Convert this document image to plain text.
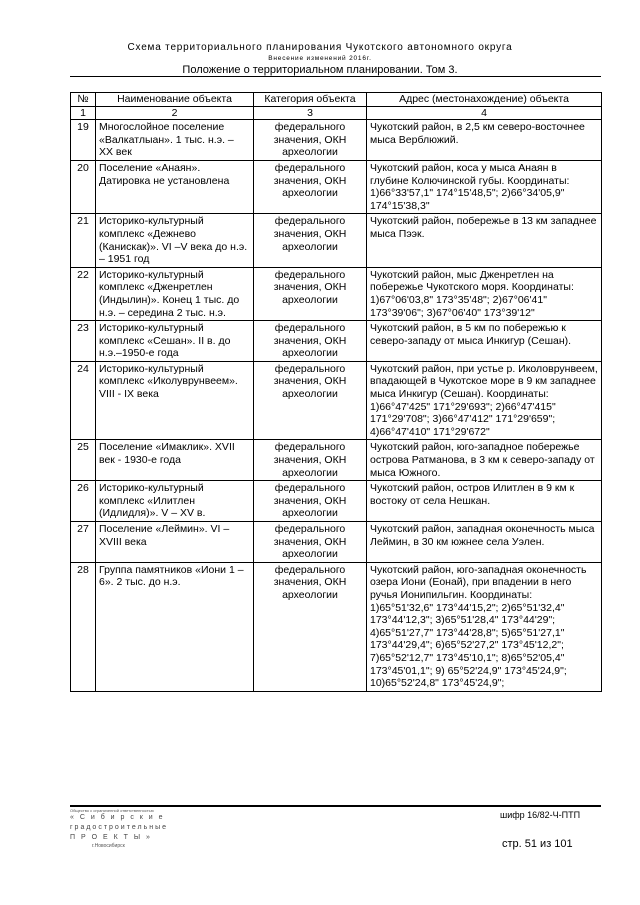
Схема территориального планирования Чукотского автономного округа
Внесение изменений 2016г.
Положение о территориальном планировании. Том 3.
№	Наименование объекта	Категория объекта	Адрес (местонахождение) объекта
1	2	3	4
19	Многослойное поселение «Валкатлыан». 1 тыс. н.э. – XX век	федерального значения, ОКН археологии	Чукотский район, в 2,5 км северо-восточнее мыса Верблюжий.
20	Поселение «Анаян». Датировка не установлена	федерального значения, ОКН археологии	Чукотский район, коса у мыса Анаян в глубине Колючинской губы. Координаты: 1)66°33'57,1" 174°15'48,5"; 2)66°34'05,9" 174°15'38,3"
21	Историко-культурный комплекс «Дежнево (Канискак)». VI –V века до н.э. – 1951 год	федерального значения, ОКН археологии	Чукотский район, побережье в 13 км западнее мыса Пээк.
22	Историко-культурный комплекс «Дженретлен (Индылин)». Конец 1 тыс. до н.э. – середина 2 тыс. н.э.	федерального значения, ОКН археологии	Чукотский район, мыс Дженретлен на побережье Чукотского моря. Координаты: 1)67°06'03,8" 173°35'48"; 2)67°06'41" 173°39'06"; 3)67°06'40" 173°39'12"
23	Историко-культурный комплекс «Сешан». II в. до н.э.–1950-е года	федерального значения, ОКН археологии	Чукотский район, в 5 км по побережью к северо-западу от мыса Инкигур (Сешан).
24	Историко-культурный комплекс «Иколуврунвеем». VIII - IX века	федерального значения, ОКН археологии	Чукотский район, при устье р. Иколоврунвеем, впадающей в Чукотское море в 9 км западнее мыса Инкигур (Сешан). Координаты: 1)66°47'425" 171°29'693"; 2)66°47'415" 171°29'708"; 3)66°47'412" 171°29'659"; 4)66°47'410" 171°29'672"
25	Поселение «Имаклик». XVII век - 1930-е года	федерального значения, ОКН археологии	Чукотский район, юго-западное побережье острова Ратманова, в 3 км к северо-западу от мыса Южного.
26	Историко-культурный комплекс «Илитлен (Идлидля)». V – XV в.	федерального значения, ОКН археологии	Чукотский район, остров Илитлен в 9 км к востоку от села Нешкан.
27	Поселение «Леймин». VI – XVIII века	федерального значения, ОКН археологии	Чукотский район, западная оконечность мыса Леймин, в 30 км южнее села Уэлен.
28	Группа памятников «Иони 1 – 6». 2 тыс. до н.э.	федерального значения, ОКН археологии	Чукотский район, юго-западная оконечность озера Иони (Еонай), при впадении в него ручья Ионипильгин. Координаты: 1)65°51'32,6" 173°44'15,2"; 2)65°51'32,4" 173°44'12,3"; 3)65°51'28,4" 173°44'29"; 4)65°51'27,7" 173°44'28,8"; 5)65°51'27,1" 173°44'29,4"; 6)65°52'27,2" 173°45'12,2"; 7)65°52'12,7" 173°45'10,1"; 8)65°52'05,4" 173°45'01,1"; 9) 65°52'24,9" 173°45'24,9"; 10)65°52'24,8" 173°45'24,9";
Общество с ограниченной ответственностью
« С и б и р с к и е
градостроительные
П Р О Е К Т Ы »
г.Новосибирск
шифр 16/82-Ч-ПТП
стр. 51 из 101
